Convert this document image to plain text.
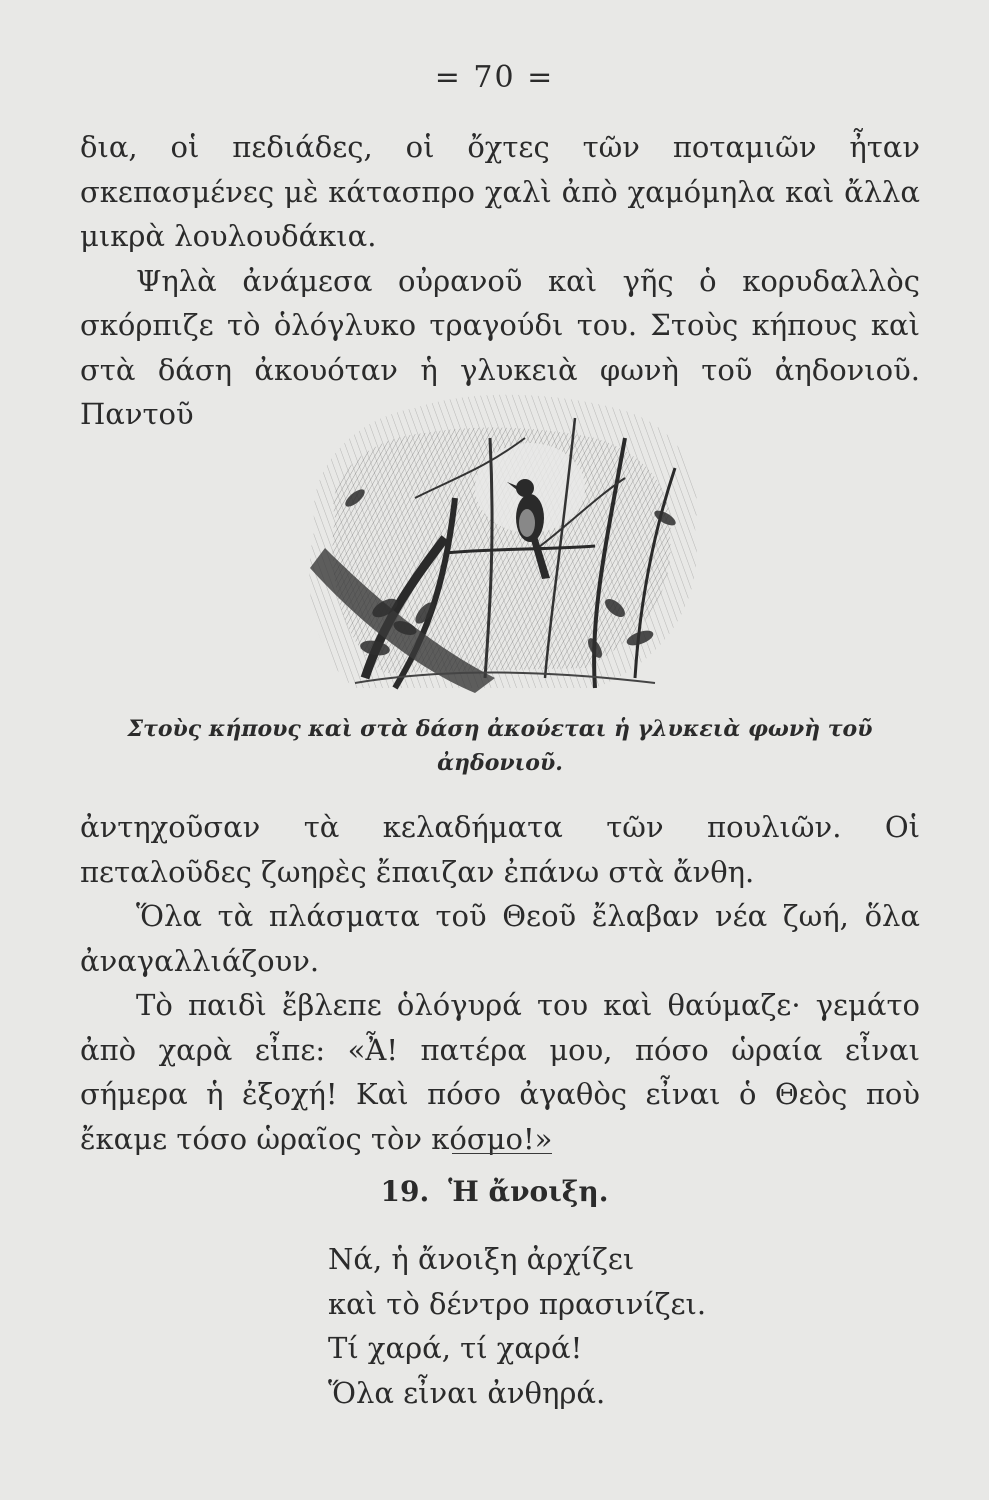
= 70 =

δια, οἱ πεδιάδες, οἱ ὄχτες τῶν ποταμιῶν ἦταν σκεπασμένες μὲ κάτασπρο χαλὶ ἀπὸ χαμόμηλα καὶ ἄλλα μικρὰ λουλουδάκια.

Ψηλὰ ἀνάμεσα οὐρανοῦ καὶ γῆς ὁ κορυδαλλὸς σκόρπιζε τὸ ὁλόγλυκο τραγούδι του. Στοὺς κήπους καὶ στὰ δάση ἀκουόταν ἡ γλυκειὰ φωνὴ τοῦ ἀηδονιοῦ. Παντοῦ

Στοὺς κήπους καὶ στὰ δάση ἀκούεται ἡ γλυκειὰ φωνὴ τοῦ ἀηδονιοῦ.

ἀντηχοῦσαν τὰ κελαδήματα τῶν πουλιῶν. Οἱ πεταλοῦδες ζωηρὲς ἔπαιζαν ἐπάνω στὰ ἄνθη.

Ὅλα τὰ πλάσματα τοῦ Θεοῦ ἔλαβαν νέα ζωή, ὅλα ἀναγαλλιάζουν.

Τὸ παιδὶ ἔβλεπε ὁλόγυρά του καὶ θαύμαζε· γεμάτο ἀπὸ χαρὰ εἶπε: «Ἆ! πατέρα μου, πόσο ὡραία εἶναι σήμερα ἡ ἐξοχή! Καὶ πόσο ἀγαθὸς εἶναι ὁ Θεὸς ποὺ ἔκαμε τόσο ὡραῖος τὸν κόσμο!»

19. Ἡ ἄνοιξη.
Νά, ἡ ἄνοιξη ἀρχίζει
καὶ τὸ δέντρο πρασινίζει.
Τί χαρά, τί χαρά!
Ὅλα εἶναι ἀνθηρά.
